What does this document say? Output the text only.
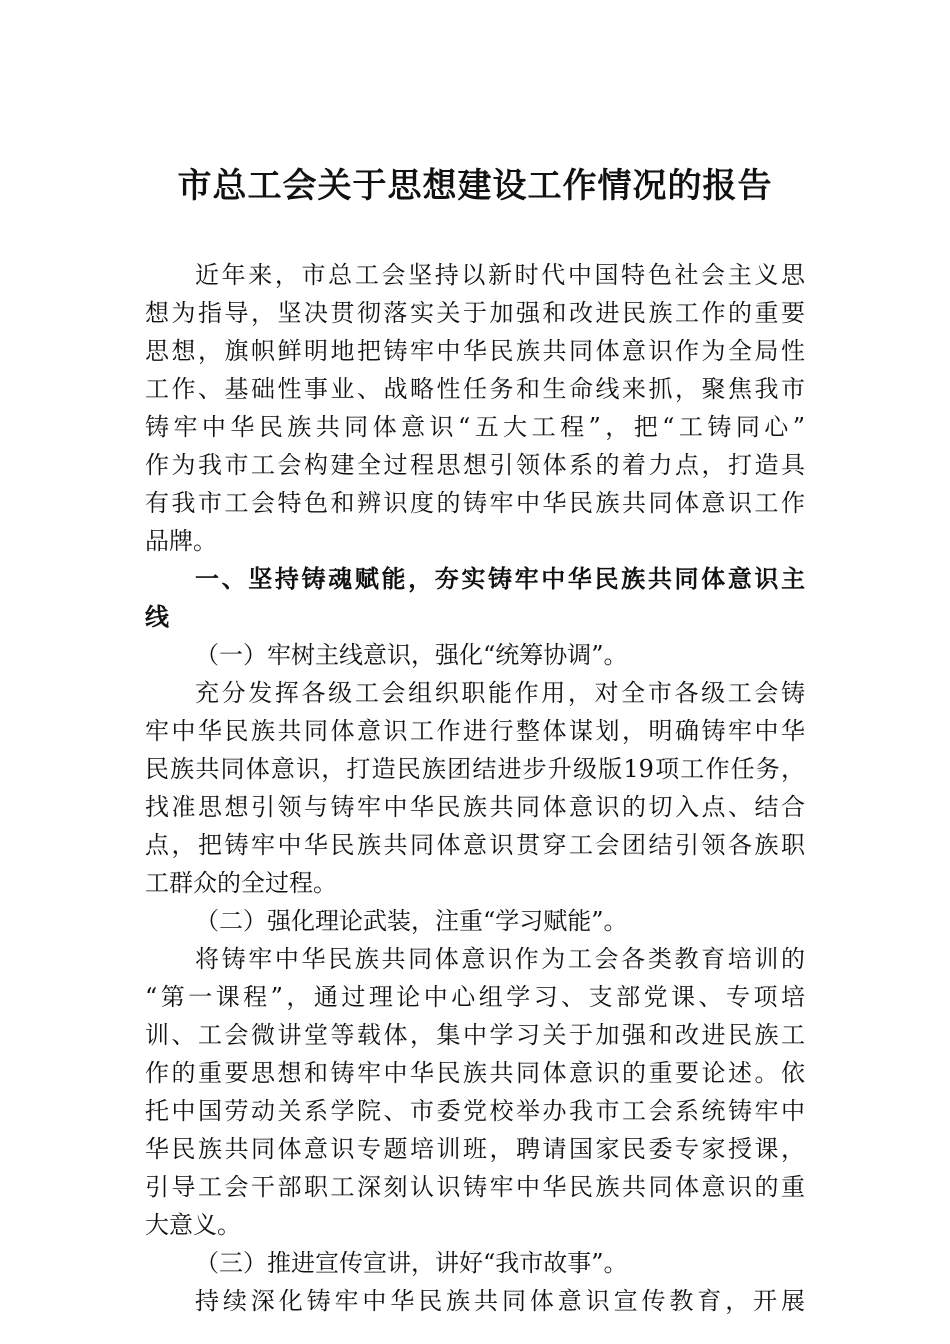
市总工会关于思想建设工作情况的报告
近年来，市总工会坚持以新时代中国特色社会主义思
想为指导，坚决贯彻落实关于加强和改进民族工作的重要
思想，旗帜鲜明地把铸牢中华民族共同体意识作为全局性
工作、基础性事业、战略性任务和生命线来抓，聚焦我市
铸牢中华民族共同体意识“五大工程”，把“工铸同心”
作为我市工会构建全过程思想引领体系的着力点，打造具
有我市工会特色和辨识度的铸牢中华民族共同体意识工作
品牌。
一、坚持铸魂赋能，夯实铸牢中华民族共同体意识主
线
（一）牢树主线意识，强化“统筹协调”。
充分发挥各级工会组织职能作用，对全市各级工会铸
牢中华民族共同体意识工作进行整体谋划，明确铸牢中华
民族共同体意识，打造民族团结进步升级版19项工作任务，
找准思想引领与铸牢中华民族共同体意识的切入点、结合
点，把铸牢中华民族共同体意识贯穿工会团结引领各族职
工群众的全过程。
（二）强化理论武装，注重“学习赋能”。
将铸牢中华民族共同体意识作为工会各类教育培训的
“第一课程”，通过理论中心组学习、支部党课、专项培
训、工会微讲堂等载体，集中学习关于加强和改进民族工
作的重要思想和铸牢中华民族共同体意识的重要论述。依
托中国劳动关系学院、市委党校举办我市工会系统铸牢中
华民族共同体意识专题培训班，聘请国家民委专家授课，
引导工会干部职工深刻认识铸牢中华民族共同体意识的重
大意义。
（三）推进宣传宣讲，讲好“我市故事”。
持续深化铸牢中华民族共同体意识宣传教育，开展
